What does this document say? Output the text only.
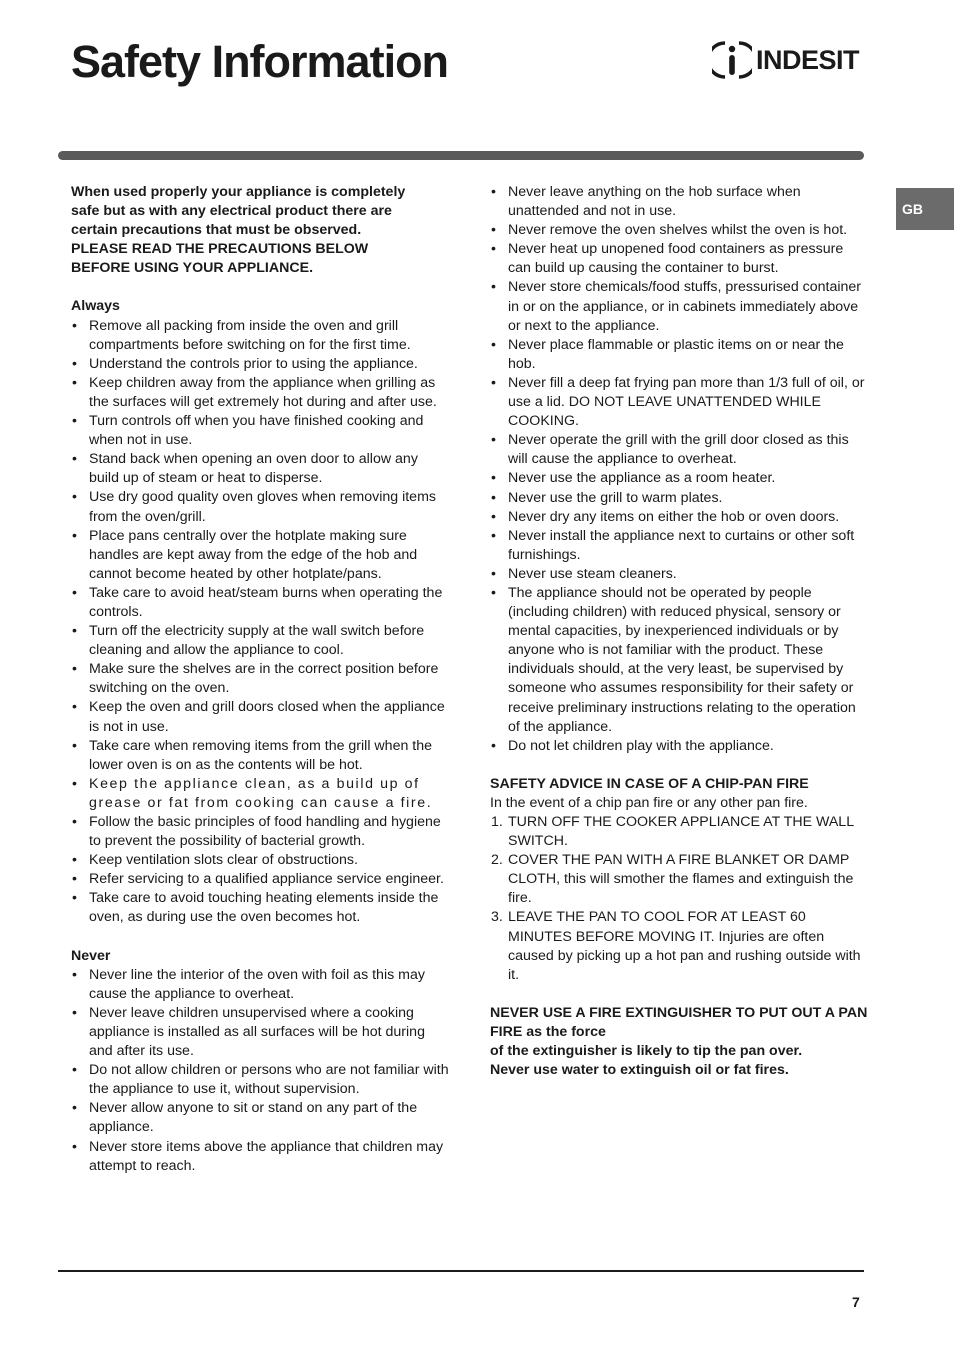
Safety Information	INDESIT
GB

When used properly your appliance is completely

safe but as with any electrical product there are

certain precautions that must be observed.

PLEASE READ THE PRECAUTIONS BELOW

BEFORE USING YOUR APPLIANCE.

Always

• Remove all packing from inside the oven and grill compartments before switching on for the first time.
• Understand the controls prior to using the appliance.
• Keep children away from the appliance when grilling as the surfaces will get extremely hot during and after use.
• Turn controls off when you have finished cooking and when not in use.
• Stand back when opening an oven door to allow any build up of steam or heat to disperse.
• Use dry good quality oven gloves when removing items from the oven/grill.
• Place pans centrally over the hotplate making sure handles are kept away from the edge of the hob and cannot become heated by other hotplate/pans.
• Take care to avoid heat/steam burns when operating the controls.
• Turn off the electricity supply at the wall switch before cleaning and allow the appliance to cool.
• Make sure the shelves are in the correct position before switching on the oven.
• Keep the oven and grill doors closed when the appliance is not in use.
• Take care when removing items from the grill when the lower oven is on as the contents will be hot.
• Keep the appliance clean, as a build up of grease or fat from cooking can cause a fire.
• Follow the basic principles of food handling and hygiene to prevent the possibility of bacterial growth.
• Keep ventilation slots clear of obstructions.
• Refer servicing to a qualified appliance service engineer.
• Take care to avoid touching heating elements inside the oven, as during use the oven becomes hot.

Never

• Never line the interior of the oven with foil as this may cause the appliance to overheat.
• Never leave children unsupervised where a cooking appliance is installed as all surfaces will be hot during and after its use.
• Do not allow children or persons who are not familiar with the appliance to use it, without supervision.
• Never allow anyone to sit or stand on any part of the appliance.
• Never store items above the appliance that children may attempt to reach.
• Never leave anything on the hob surface when unattended and not in use.
• Never remove the oven shelves whilst the oven is hot.
• Never heat up unopened food containers as pressure can build up causing the container to burst.
• Never store chemicals/food stuffs, pressurised container in or on the appliance, or in cabinets immediately above or next to the appliance.
• Never place flammable or plastic items on or near the hob.
• Never fill a deep fat frying pan more than 1/3 full of oil, or use a lid. DO NOT LEAVE UNATTENDED WHILE COOKING.
• Never operate the grill with the grill door closed as this will cause the appliance to overheat.
• Never use the appliance as a room heater.
• Never use the grill to warm plates.
• Never dry any items on either the hob or oven doors.
• Never install the appliance next to curtains or other soft furnishings.
• Never use steam cleaners.
• The appliance should not be operated by people (including children) with reduced physical, sensory or mental capacities, by inexperienced individuals or by anyone who is not familiar with the product. These individuals should, at the very least, be supervised by someone who assumes responsibility for their safety or receive preliminary instructions relating to the operation of the appliance.
• Do not let children play with the appliance.

SAFETY ADVICE IN CASE OF A CHIP-PAN FIRE

In the event of a chip pan fire or any other pan fire.

1. TURN OFF THE COOKER APPLIANCE AT THE WALL SWITCH.
2. COVER THE PAN WITH A FIRE BLANKET OR DAMP CLOTH, this will smother the flames and extinguish the fire.
3. LEAVE THE PAN TO COOL FOR AT LEAST 60 MINUTES BEFORE MOVING IT. Injuries are often caused by picking up a hot pan and rushing outside with it.

NEVER USE A FIRE EXTINGUISHER TO PUT OUT A PAN FIRE as the force

of the extinguisher is likely to tip the pan over.

Never use water to extinguish oil or fat fires.

7
